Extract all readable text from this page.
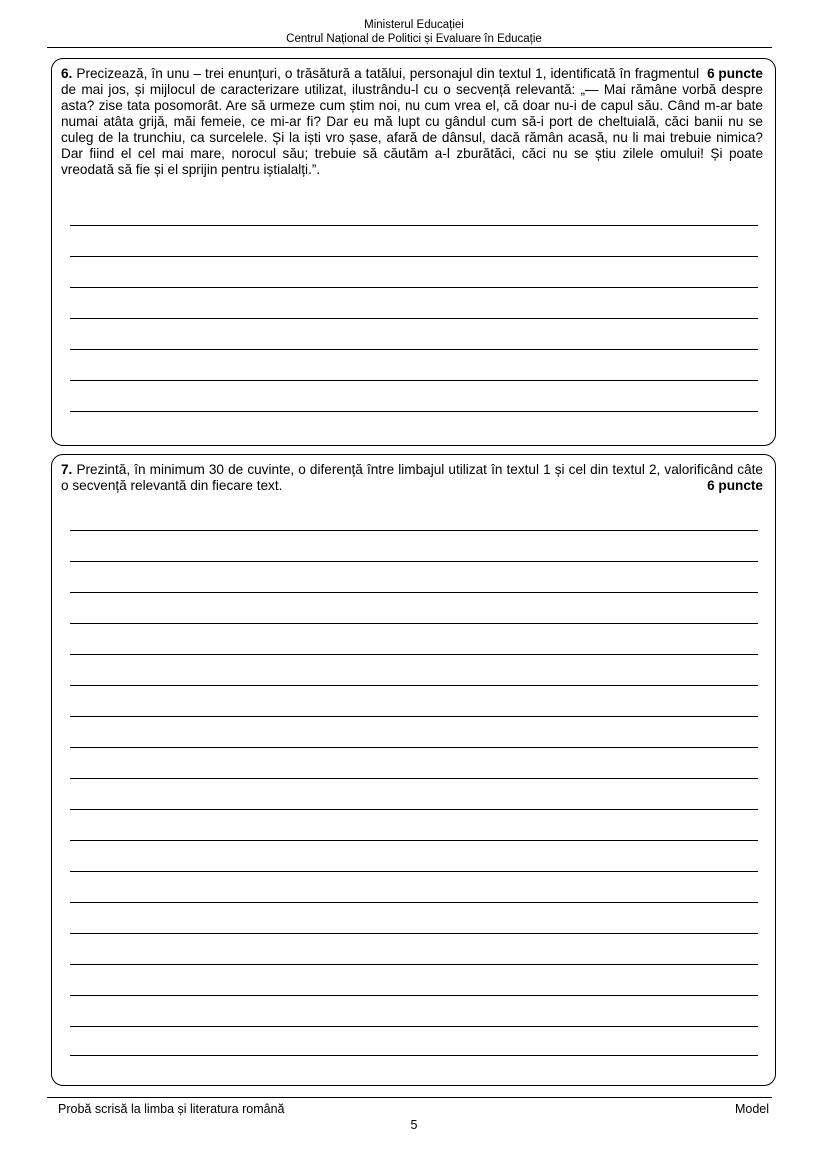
Ministerul Educației
Centrul Național de Politici și Evaluare în Educație
6 puncte
6. Precizează, în unu – trei enunțuri, o trăsătură a tatălui, personajul din textul 1, identificată în fragmentul de mai jos, și mijlocul de caracterizare utilizat, ilustrându-l cu o secvență relevantă: „— Mai rămâne vorbă despre asta? zise tata posomorât. Are să urmeze cum știm noi, nu cum vrea el, că doar nu-i de capul său. Când m-ar bate numai atâta grijă, măi femeie, ce mi-ar fi? Dar eu mă lupt cu gândul cum să-i port de cheltuială, căci banii nu se culeg de la trunchiu, ca surcelele. Și la iști vro șase, afară de dânsul, dacă rămân acasă, nu li mai trebuie nimica? Dar fiind el cel mai mare, norocul său; trebuie să căutăm a-l zburătăci, căci nu se știu zilele omului! Și poate vreodată să fie și el sprijin pentru iștialalți.”.
7. Prezintă, în minimum 30 de cuvinte, o diferență între limbajul utilizat în textul 1 și cel din textul 2, valorificând câte o secvență relevantă din fiecare text.	6 puncte
Probă scrisă la limba și literatura română	Model
5
